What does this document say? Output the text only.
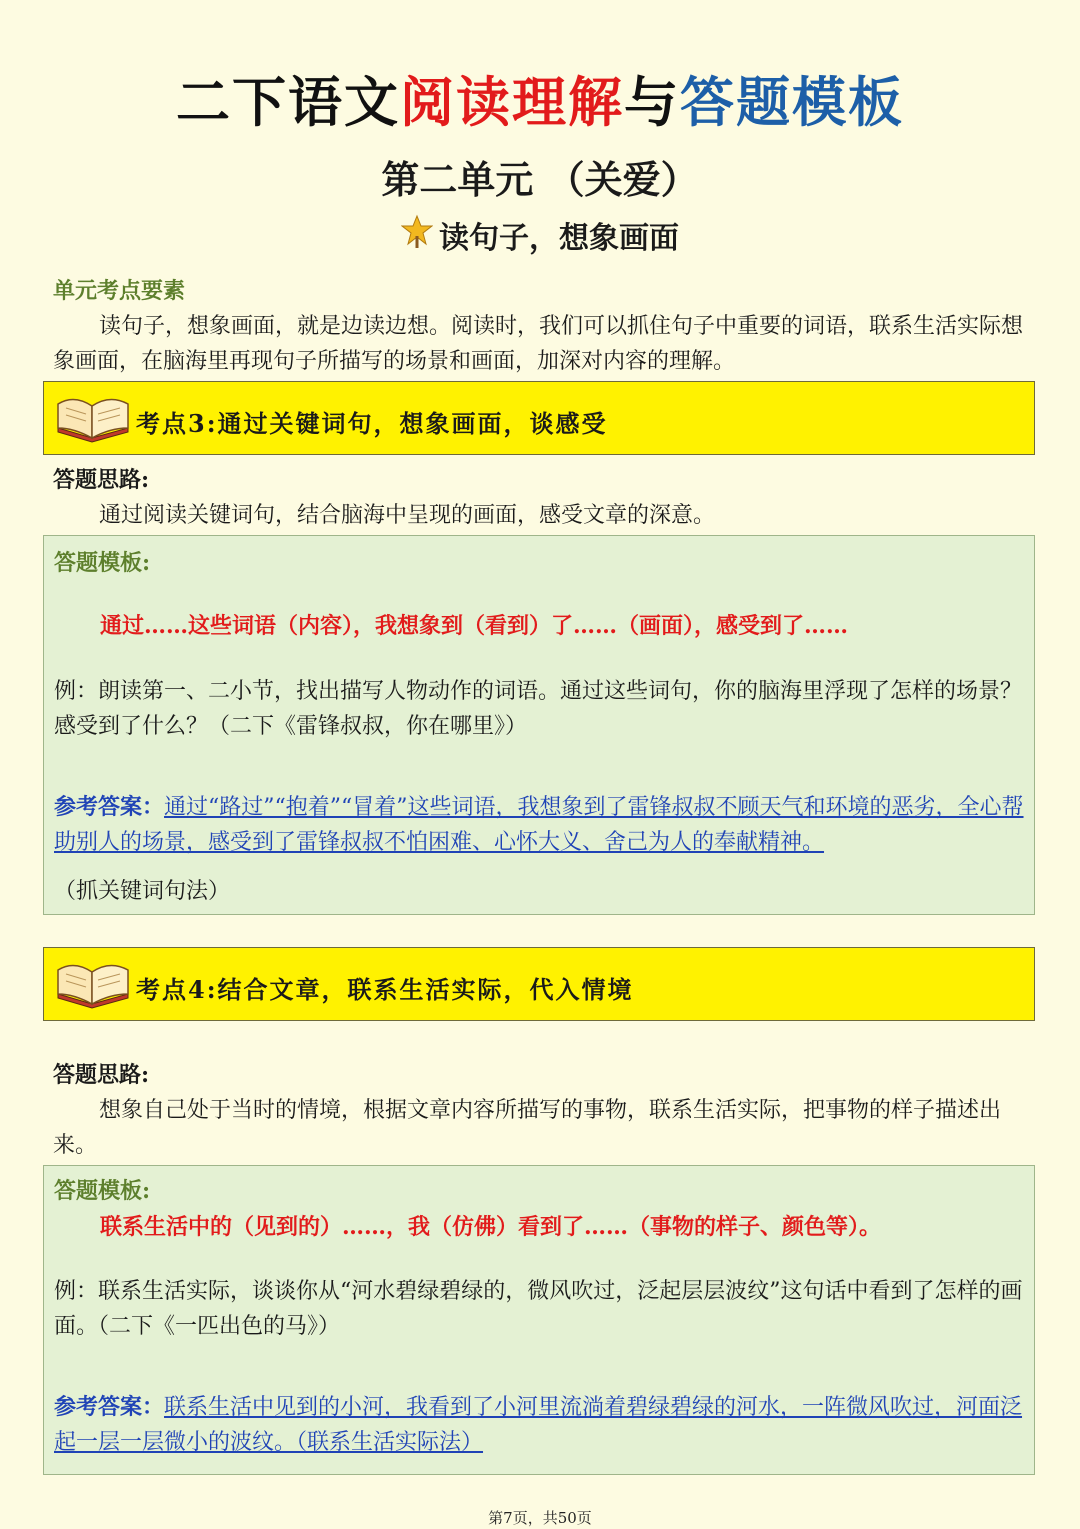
二下语文阅读理解与答题模板
第二单元 （关爱）
读句子，想象画面
单元考点要素
读句子，想象画面，就是边读边想。阅读时，我们可以抓住句子中重要的词语，联系生活实际想象画面，在脑海里再现句子所描写的场景和画面，加深对内容的理解。
考点3:通过关键词句，想象画面，谈感受
答题思路:
通过阅读关键词句，结合脑海中呈现的画面，感受文章的深意。
答题模板:
通过……这些词语（内容），我想象到（看到）了……（画面），感受到了……
例：朗读第一、二小节，找出描写人物动作的词语。通过这些词句，你的脑海里浮现了怎样的场景？感受到了什么？（二下《雷锋叔叔，你在哪里》）
参考答案：通过“路过”“抱着”“冒着”这些词语，我想象到了雷锋叔叔不顾天气和环境的恶劣，全心帮助别人的场景，感受到了雷锋叔叔不怕困难、心怀大义、舍己为人的奉献精神。
（抓关键词句法）
考点4:结合文章，联系生活实际，代入情境
答题思路:
想象自己处于当时的情境，根据文章内容所描写的事物，联系生活实际，把事物的样子描述出来。
答题模板:
联系生活中的（见到的）……，我（仿佛）看到了……（事物的样子、颜色等）。
例：联系生活实际，谈谈你从“河水碧绿碧绿的，微风吹过，泛起层层波纹”这句话中看到了怎样的画面。（二下《一匹出色的马》）
参考答案：联系生活中见到的小河，我看到了小河里流淌着碧绿碧绿的河水，一阵微风吹过，河面泛起一层一层微小的波纹。（联系生活实际法）
第7页，共50页
